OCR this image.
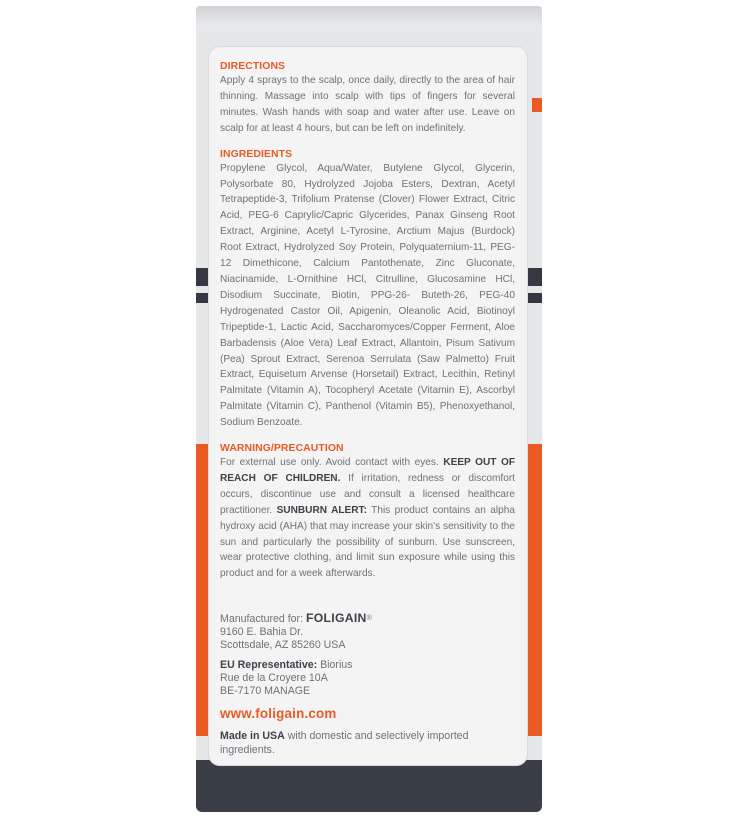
DIRECTIONS
Apply 4 sprays to the scalp, once daily, directly to the area of hair thinning. Massage into scalp with tips of fingers for several minutes. Wash hands with soap and water after use. Leave on scalp for at least 4 hours, but can be left on indefinitely.
INGREDIENTS
Propylene Glycol, Aqua/Water, Butylene Glycol, Glycerin, Polysorbate 80, Hydrolyzed Jojoba Esters, Dextran, Acetyl Tetrapeptide-3, Trifolium Pratense (Clover) Flower Extract, Citric Acid, PEG-6 Caprylic/Capric Glycerides, Panax Ginseng Root Extract, Arginine, Acetyl L-Tyrosine, Arctium Majus (Burdock) Root Extract, Hydrolyzed Soy Protein, Polyquaternium-11, PEG-12 Dimethicone, Calcium Pantothenate, Zinc Gluconate, Niacinamide, L-Ornithine HCl, Citrulline, Glucosamine HCl, Disodium Succinate, Biotin, PPG-26- Buteth-26, PEG-40 Hydrogenated Castor Oil, Apigenin, Oleanolic Acid, Biotinoyl Tripeptide-1, Lactic Acid, Saccharomyces/Copper Ferment, Aloe Barbadensis (Aloe Vera) Leaf Extract, Allantoin, Pisum Sativum (Pea) Sprout Extract, Serenoa Serrulata (Saw Palmetto) Fruit Extract, Equisetum Arvense (Horsetail) Extract, Lecithin, Retinyl Palmitate (Vitamin A), Tocopheryl Acetate (Vitamin E), Ascorbyl Palmitate (Vitamin C), Panthenol (Vitamin B5), Phenoxyethanol, Sodium Benzoate.
WARNING/PRECAUTION
For external use only. Avoid contact with eyes. KEEP OUT OF REACH OF CHILDREN. If irritation, redness or discomfort occurs, discontinue use and consult a licensed healthcare practitioner. SUNBURN ALERT: This product contains an alpha hydroxy acid (AHA) that may increase your skin's sensitivity to the sun and particularly the possibility of sunburn. Use sunscreen, wear protective clothing, and limit sun exposure while using this product and for a week afterwards.
Manufactured for: FOLIGAIN®
9160 E. Bahia Dr.
Scottsdale, AZ 85260 USA
EU Representative: Biorius
Rue de la Croyere 10A
BE-7170 MANAGE
www.foligain.com
Made in USA with domestic and selectively imported ingredients.
